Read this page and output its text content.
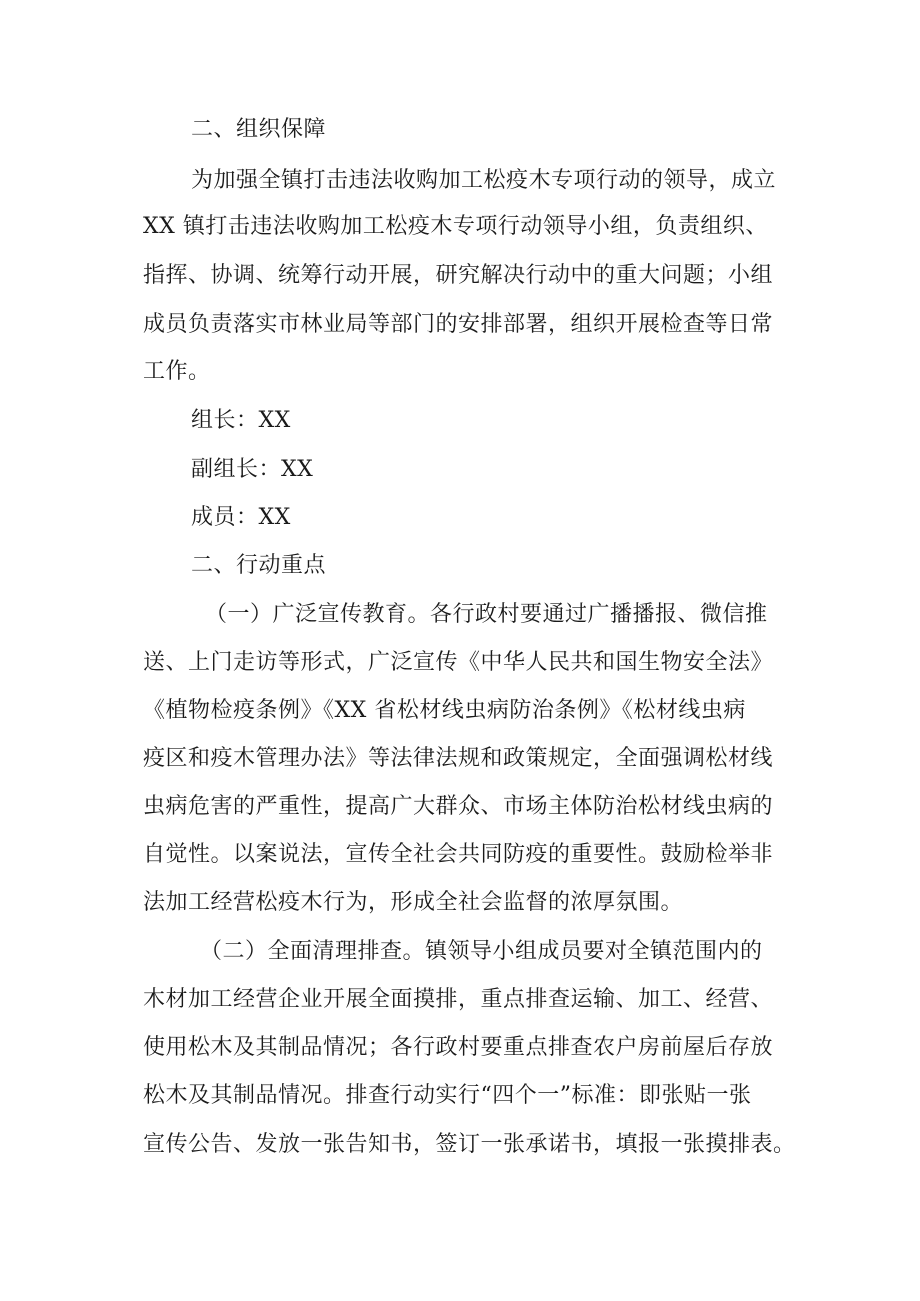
二、组织保障
为加强全镇打击违法收购加工松疫木专项行动的领导，成立
XX 镇打击违法收购加工松疫木专项行动领导小组，负责组织、
指挥、协调、统筹行动开展，研究解决行动中的重大问题；小组
成员负责落实市林业局等部门的安排部署，组织开展检查等日常
工作。
组长：XX
副组长：XX
成员：XX
二、行动重点
（一）广泛宣传教育。各行政村要通过广播播报、微信推
送、上门走访等形式，广泛宣传《中华人民共和国生物安全法》
《植物检疫条例》《XX 省松材线虫病防治条例》《松材线虫病
疫区和疫木管理办法》等法律法规和政策规定，全面强调松材线
虫病危害的严重性，提高广大群众、市场主体防治松材线虫病的
自觉性。以案说法，宣传全社会共同防疫的重要性。鼓励检举非
法加工经营松疫木行为，形成全社会监督的浓厚氛围。
（二）全面清理排查。镇领导小组成员要对全镇范围内的
木材加工经营企业开展全面摸排，重点排查运输、加工、经营、
使用松木及其制品情况；各行政村要重点排查农户房前屋后存放
松木及其制品情况。排查行动实行“四个一”标准：即张贴一张
宣传公告、发放一张告知书，签订一张承诺书，填报一张摸排表。
